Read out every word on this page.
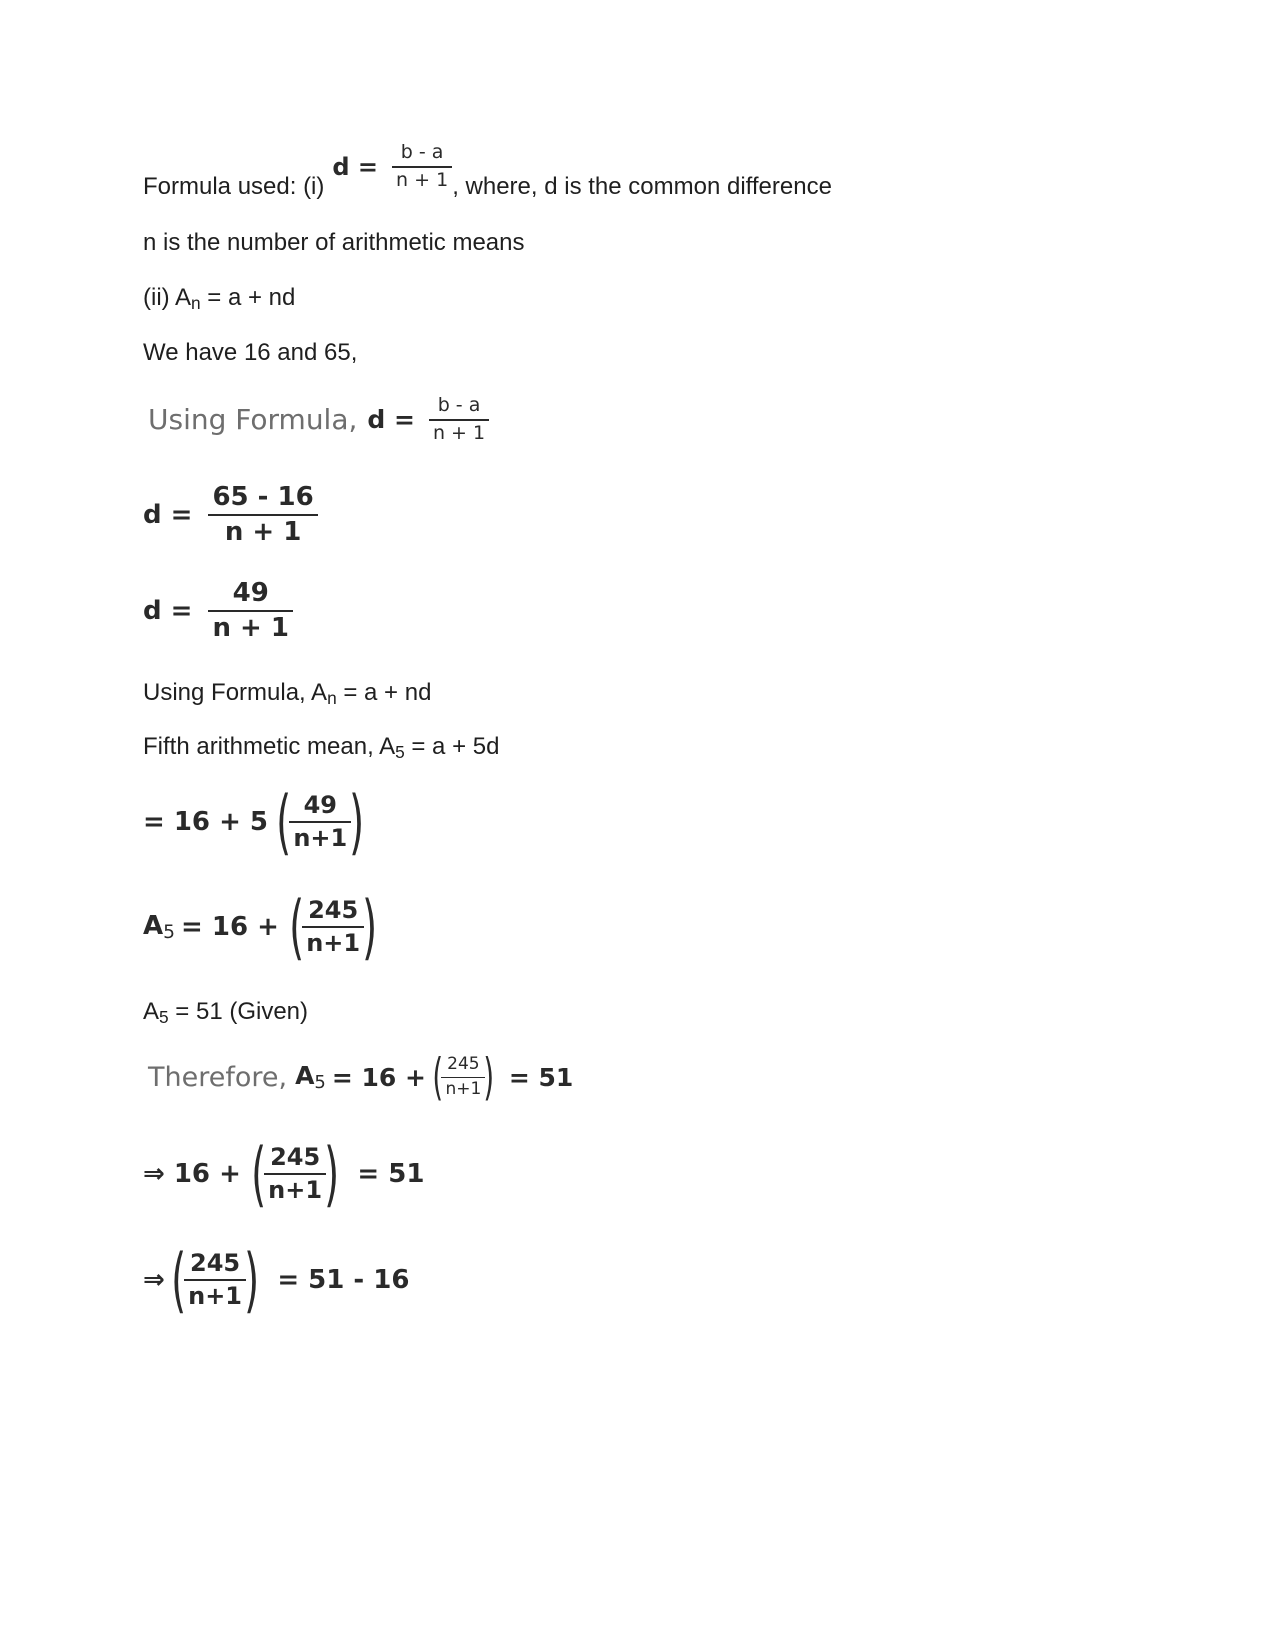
Formula used: (i)
$d = \frac{b - a}{n + 1}$ , where, d is the common difference
n is the number of arithmetic means
(ii) $A_n = a$ + nd
We have 16 and 65,
Using Formula, $d = \frac{b - a}{n + 1}$
$d = \frac{65 - 16}{n + 1}$
$d = \frac{49}{n + 1}$
Using Formula, $A_n = a$ + nd
Fifth arithmetic mean, $A_5 = a + 5d$
= 16 + 5 (
$\frac{49}{n+1}$
)
$A_5 = 16$ + (
$\frac{245}{n+1}$
)
$A_5 = 51$ (Given)
Therefore, $A_5 = 16$ + (
$\frac{245}{n+1}$
) = 51
⇒ 16 + (
$\frac{245}{n+1}$
) = 51
⇒ (
$\frac{245}{n+1}$
) = 51 - 16
